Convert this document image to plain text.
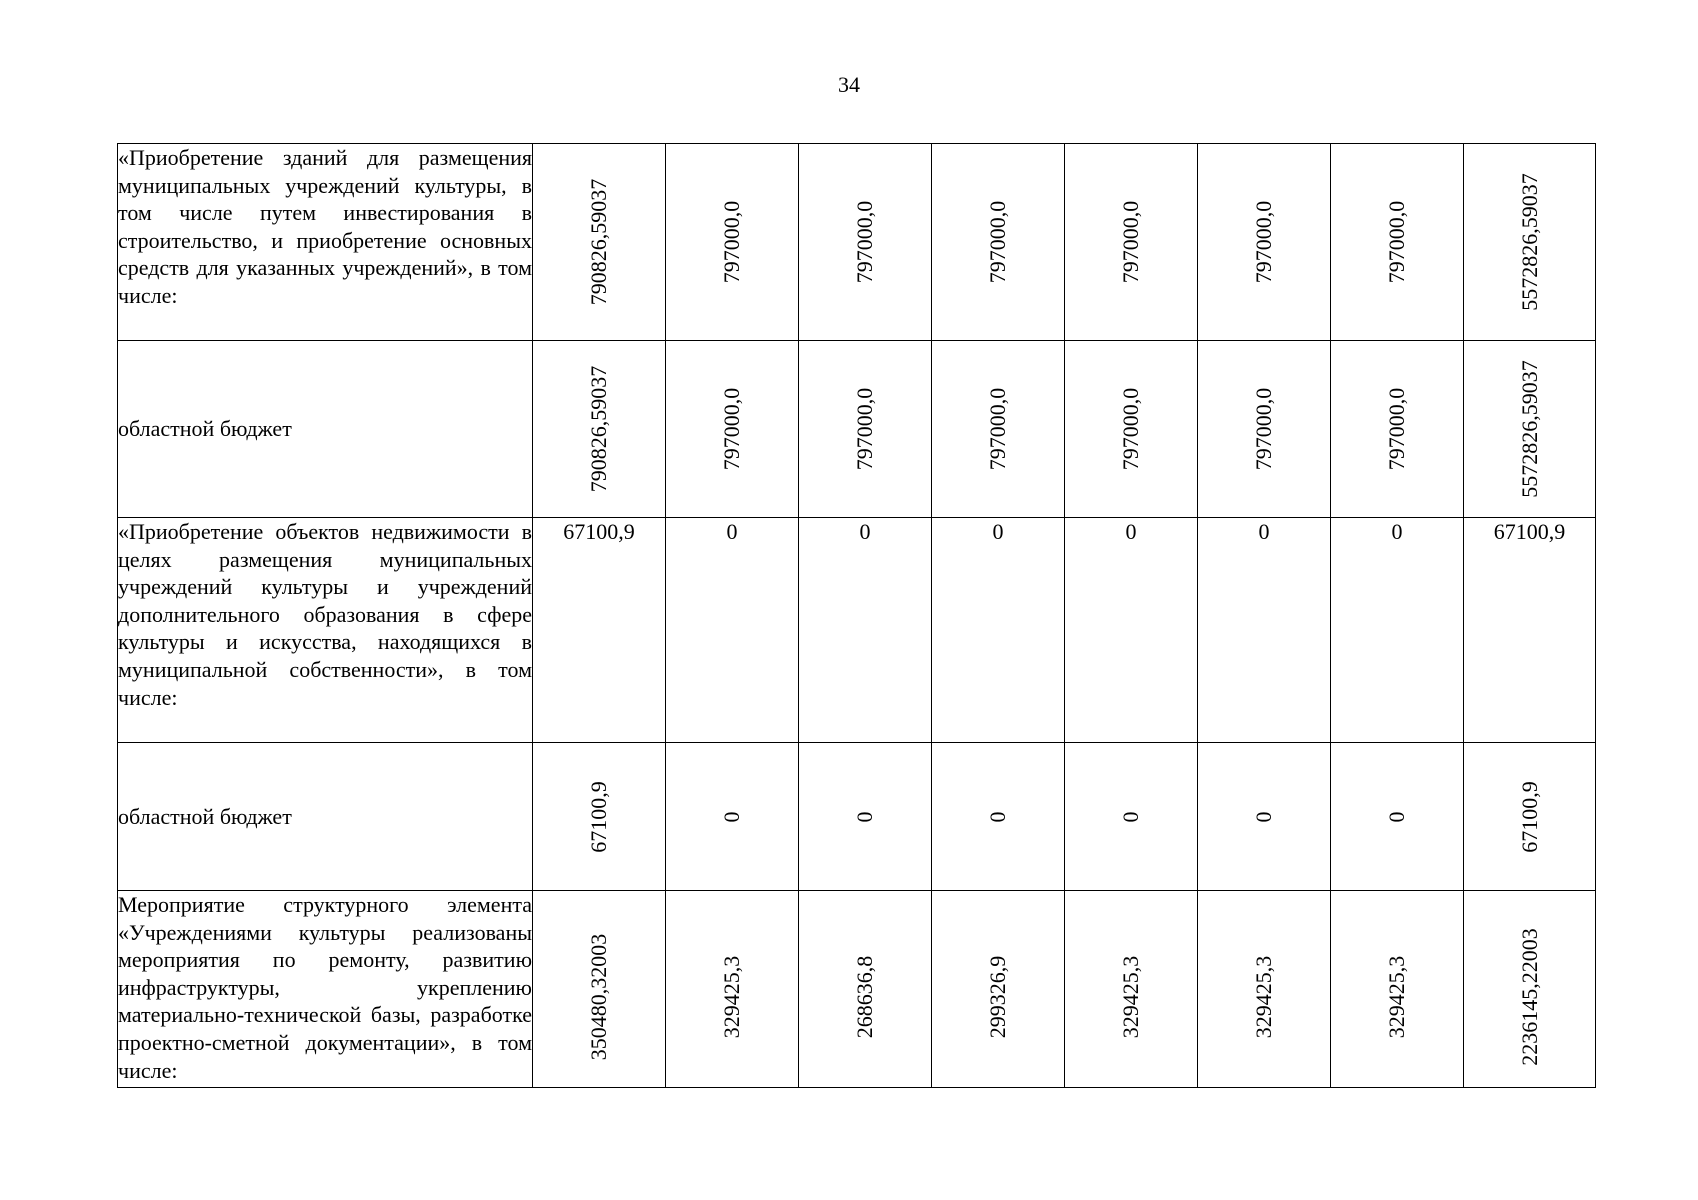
34
«Приобретение зданий для размещения муниципальных учреждений культуры, в том числе путем инвестирования в строительство, и приобретение основных средств для указанных учреждений», в том числе:	790826,59037	797000,0	797000,0	797000,0	797000,0	797000,0	797000,0	5572826,59037

областной бюджет	790826,59037	797000,0	797000,0	797000,0	797000,0	797000,0	797000,0	5572826,59037

«Приобретение объектов недвижимости в целях размещения муниципальных учреждений культуры и учреждений дополнительного образования в сфере культуры и искусства, находящихся в муниципальной собственности», в том числе:	67100,9	0	0	0	0	0	0	67100,9
областной бюджет	67100,9	0	0	0	0	0	0	67100,9

Мероприятие структурного элемента «Учреждениями культуры реализованы мероприятия по ремонту, развитию инфраструктуры, укреплению материально-технической базы, разработке проектно-сметной документации», в том числе:	350480,32003	329425,3	268636,8	299326,9	329425,3	329425,3	329425,3	2236145,22003
